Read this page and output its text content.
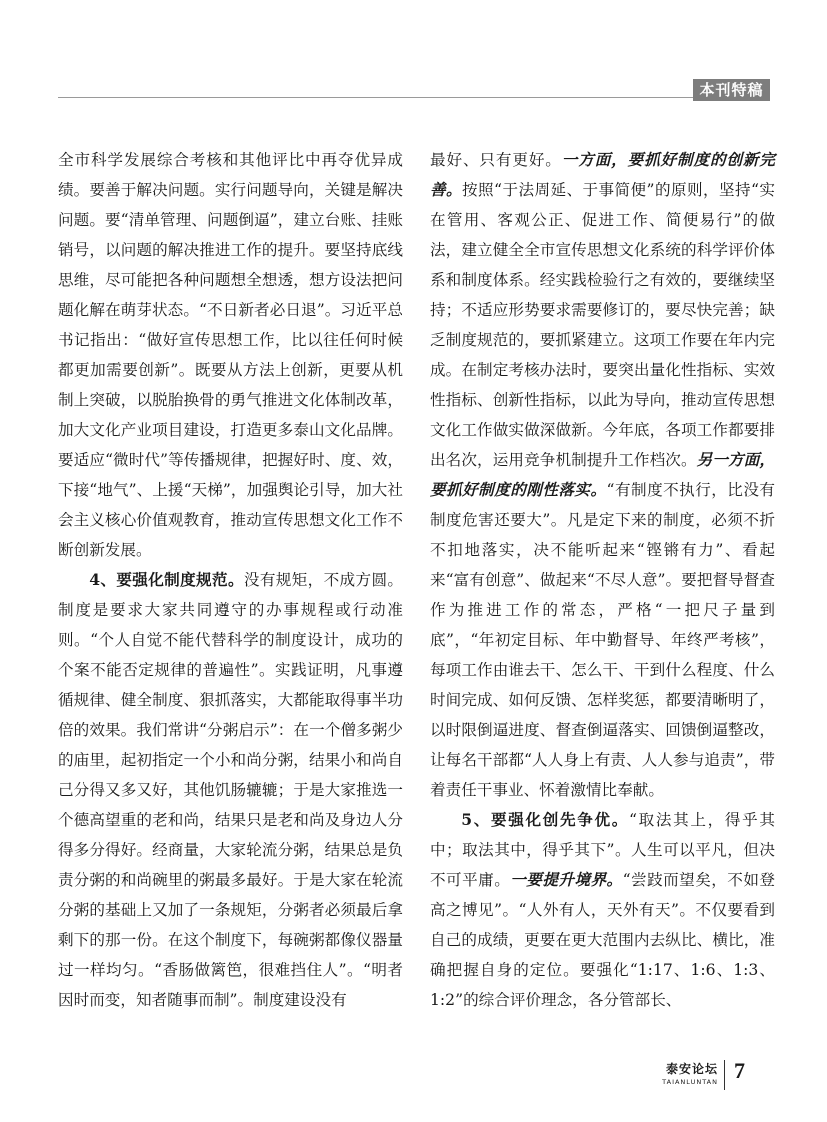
本刊特稿

全市科学发展综合考核和其他评比中再夺优异成绩。要善于解决问题。实行问题导向，关键是解决问题。要“清单管理、问题倒逼”，建立台账、挂账销号，以问题的解决推进工作的提升。要坚持底线思维，尽可能把各种问题想全想透，想方设法把问题化解在萌芽状态。“不日新者必日退”。习近平总书记指出：“做好宣传思想工作，比以往任何时候都更加需要创新”。既要从方法上创新，更要从机制上突破，以脱胎换骨的勇气推进文化体制改革，加大文化产业项目建设，打造更多泰山文化品牌。要适应“微时代”等传播规律，把握好时、度、效，下接“地气”、上援“天梯”，加强舆论引导，加大社会主义核心价值观教育，推动宣传思想文化工作不断创新发展。

4、要强化制度规范。没有规矩，不成方圆。制度是要求大家共同遵守的办事规程或行动准则。“个人自觉不能代替科学的制度设计，成功的个案不能否定规律的普遍性”。实践证明，凡事遵循规律、健全制度、狠抓落实，大都能取得事半功倍的效果。我们常讲“分粥启示”：在一个僧多粥少的庙里，起初指定一个小和尚分粥，结果小和尚自己分得又多又好，其他饥肠辘辘；于是大家推选一个德高望重的老和尚，结果只是老和尚及身边人分得多分得好。经商量，大家轮流分粥，结果总是负责分粥的和尚碗里的粥最多最好。于是大家在轮流分粥的基础上又加了一条规矩，分粥者必须最后拿剩下的那一份。在这个制度下，每碗粥都像仪器量过一样均匀。“香肠做篱笆，很难挡住人”。“明者因时而变，知者随事而制”。制度建设没有

最好、只有更好。一方面，要抓好制度的创新完善。按照“于法周延、于事简便”的原则，坚持“实在管用、客观公正、促进工作、简便易行”的做法，建立健全全市宣传思想文化系统的科学评价体系和制度体系。经实践检验行之有效的，要继续坚持；不适应形势要求需要修订的，要尽快完善；缺乏制度规范的，要抓紧建立。这项工作要在年内完成。在制定考核办法时，要突出量化性指标、实效性指标、创新性指标，以此为导向，推动宣传思想文化工作做实做深做新。今年底，各项工作都要排出名次，运用竞争机制提升工作档次。另一方面，要抓好制度的刚性落实。“有制度不执行，比没有制度危害还要大”。凡是定下来的制度，必须不折不扣地落实，决不能听起来“铿锵有力”、看起来“富有创意”、做起来“不尽人意”。要把督导督查作为推进工作的常态，严格“一把尺子量到底”，“年初定目标、年中勤督导、年终严考核”，每项工作由谁去干、怎么干、干到什么程度、什么时间完成、如何反馈、怎样奖惩，都要清晰明了，以时限倒逼进度、督查倒逼落实、回馈倒逼整改，让每名干部都“人人身上有责、人人参与追责”，带着责任干事业、怀着激情比奉献。

5、要强化创先争优。“取法其上，得乎其中；取法其中，得乎其下”。人生可以平凡，但决不可平庸。一要提升境界。“尝跂而望矣，不如登高之博见”。“人外有人，天外有天”。不仅要看到自己的成绩，更要在更大范围内去纵比、横比，准确把握自身的定位。要强化“1:17、1:6、1:3、1:2”的综合评价理念，各分管部长、

泰安论坛
TAIANLUNTAN 7
